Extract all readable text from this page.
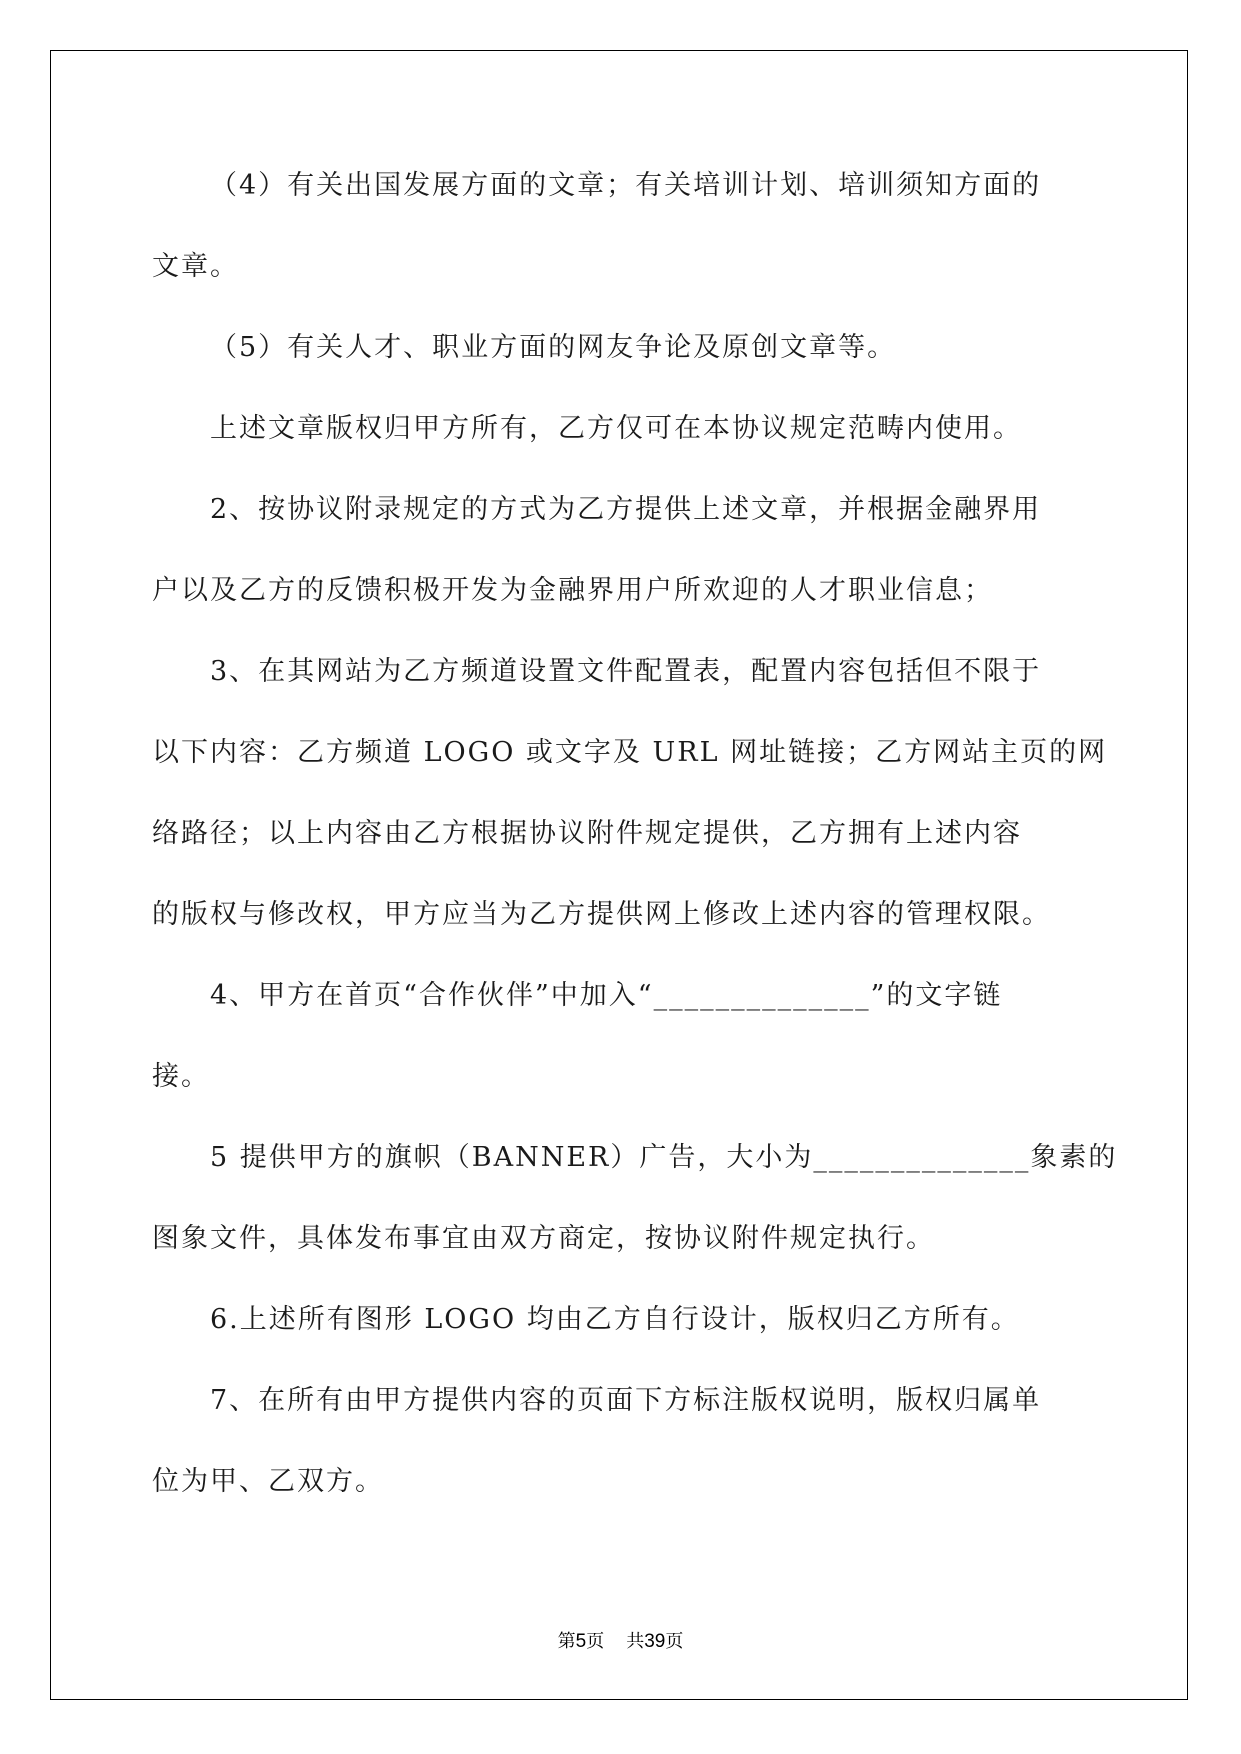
（4）有关出国发展方面的文章；有关培训计划、培训须知方面的

文章。

（5）有关人才、职业方面的网友争论及原创文章等。

上述文章版权归甲方所有，乙方仅可在本协议规定范畴内使用。

2、按协议附录规定的方式为乙方提供上述文章，并根据金融界用

户以及乙方的反馈积极开发为金融界用户所欢迎的人才职业信息；

3、在其网站为乙方频道设置文件配置表，配置内容包括但不限于

以下内容：乙方频道 LOGO 或文字及 URL 网址链接；乙方网站主页的网

络路径；以上内容由乙方根据协议附件规定提供，乙方拥有上述内容

的版权与修改权，甲方应当为乙方提供网上修改上述内容的管理权限。

4、甲方在首页“合作伙伴”中加入“______________”的文字链

接。

5 提供甲方的旗帜（BANNER）广告，大小为______________象素的

图象文件，具体发布事宜由双方商定，按协议附件规定执行。

6.上述所有图形 LOGO 均由乙方自行设计，版权归乙方所有。

7、在所有由甲方提供内容的页面下方标注版权说明，版权归属单

位为甲、乙双方。

第5页 共39页
